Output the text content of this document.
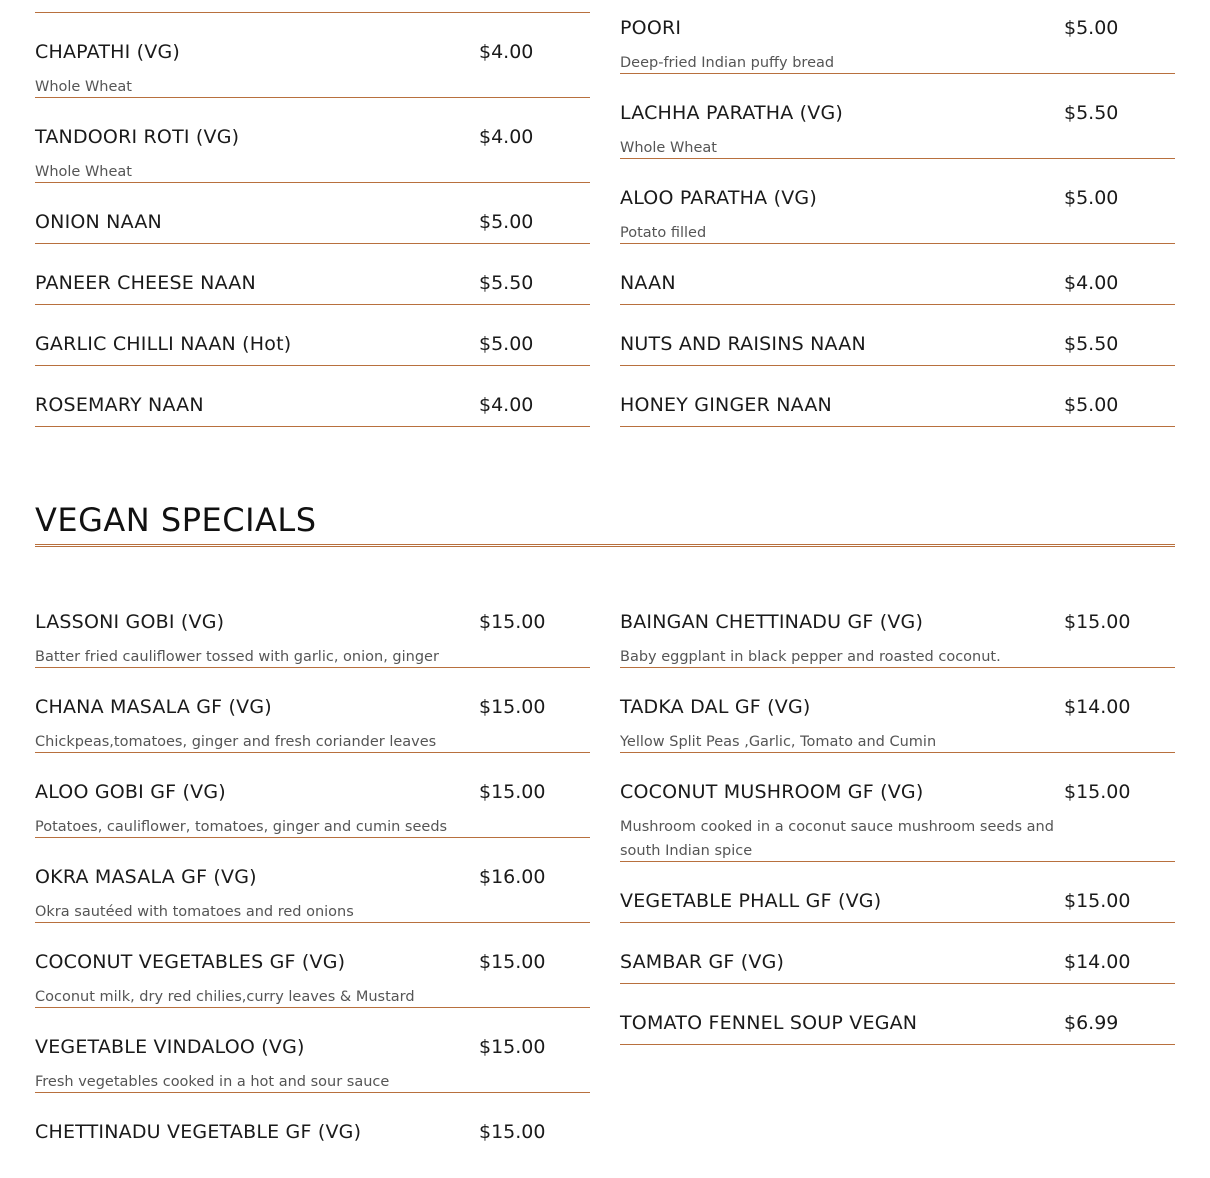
CHAPATHI (VG)	$4.00
Whole Wheat
TANDOORI ROTI (VG)	$4.00
Whole Wheat
ONION NAAN	$5.00
PANEER CHEESE NAAN	$5.50
GARLIC CHILLI NAAN (Hot)	$5.00
ROSEMARY NAAN	$4.00
POORI	$5.00
Deep-fried Indian puffy bread
LACHHA PARATHA (VG)	$5.50
Whole Wheat
ALOO PARATHA (VG)	$5.00
Potato filled
NAAN	$4.00
NUTS AND RAISINS NAAN	$5.50
HONEY GINGER NAAN	$5.00
VEGAN SPECIALS
LASSONI GOBI (VG)	$15.00
Batter fried cauliflower tossed with garlic, onion, ginger
CHANA MASALA GF (VG)	$15.00
Chickpeas,tomatoes, ginger and fresh coriander leaves
ALOO GOBI GF (VG)	$15.00
Potatoes, cauliflower, tomatoes, ginger and cumin seeds
OKRA MASALA GF (VG)	$16.00
Okra sautéed with tomatoes and red onions
COCONUT VEGETABLES GF (VG)	$15.00
Coconut milk, dry red chilies,curry leaves & Mustard
VEGETABLE VINDALOO (VG)	$15.00
Fresh vegetables cooked in a hot and sour sauce
CHETTINADU VEGETABLE GF (VG)	$15.00
BAINGAN CHETTINADU GF (VG)	$15.00
Baby eggplant in black pepper and roasted coconut.
TADKA DAL GF (VG)	$14.00
Yellow Split Peas ,Garlic, Tomato and Cumin
COCONUT MUSHROOM GF (VG)	$15.00
Mushroom cooked in a coconut sauce mushroom seeds and south Indian spice
VEGETABLE PHALL GF (VG)	$15.00
SAMBAR GF (VG)	$14.00
TOMATO FENNEL SOUP VEGAN	$6.99
